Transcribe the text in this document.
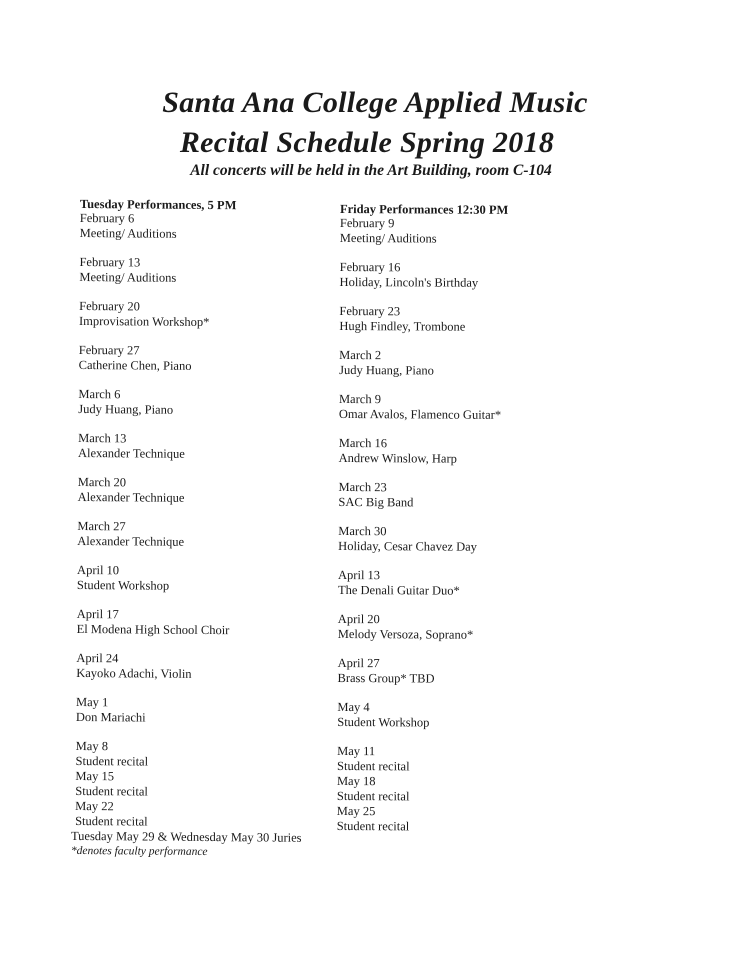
Santa Ana College Applied Music
Recital Schedule Spring 2018
All concerts will be held in the Art Building, room C-104
Tuesday Performances, 5 PM
February 6
Meeting/ Auditions
February 13
Meeting/ Auditions
February 20
Improvisation Workshop*
February 27
Catherine Chen, Piano
March 6
Judy Huang, Piano
March 13
Alexander Technique
March 20
Alexander Technique
March 27
Alexander Technique
April 10
Student Workshop
April 17
El Modena High School Choir
April 24
Kayoko Adachi, Violin
May 1
Don Mariachi
May 8
Student recital
May 15
Student recital
May 22
Student recital
Tuesday May 29 & Wednesday May 30 Juries
*denotes faculty performance
Friday Performances 12:30 PM
February 9
Meeting/ Auditions
February 16
Holiday, Lincoln's Birthday
February 23
Hugh Findley, Trombone
March 2
Judy Huang, Piano
March 9
Omar Avalos, Flamenco Guitar*
March 16
Andrew Winslow, Harp
March 23
SAC Big Band
March 30
Holiday, Cesar Chavez Day
April 13
The Denali Guitar Duo*
April 20
Melody Versoza, Soprano*
April 27
Brass Group* TBD
May 4
Student Workshop
May 11
Student recital
May 18
Student recital
May 25
Student recital
